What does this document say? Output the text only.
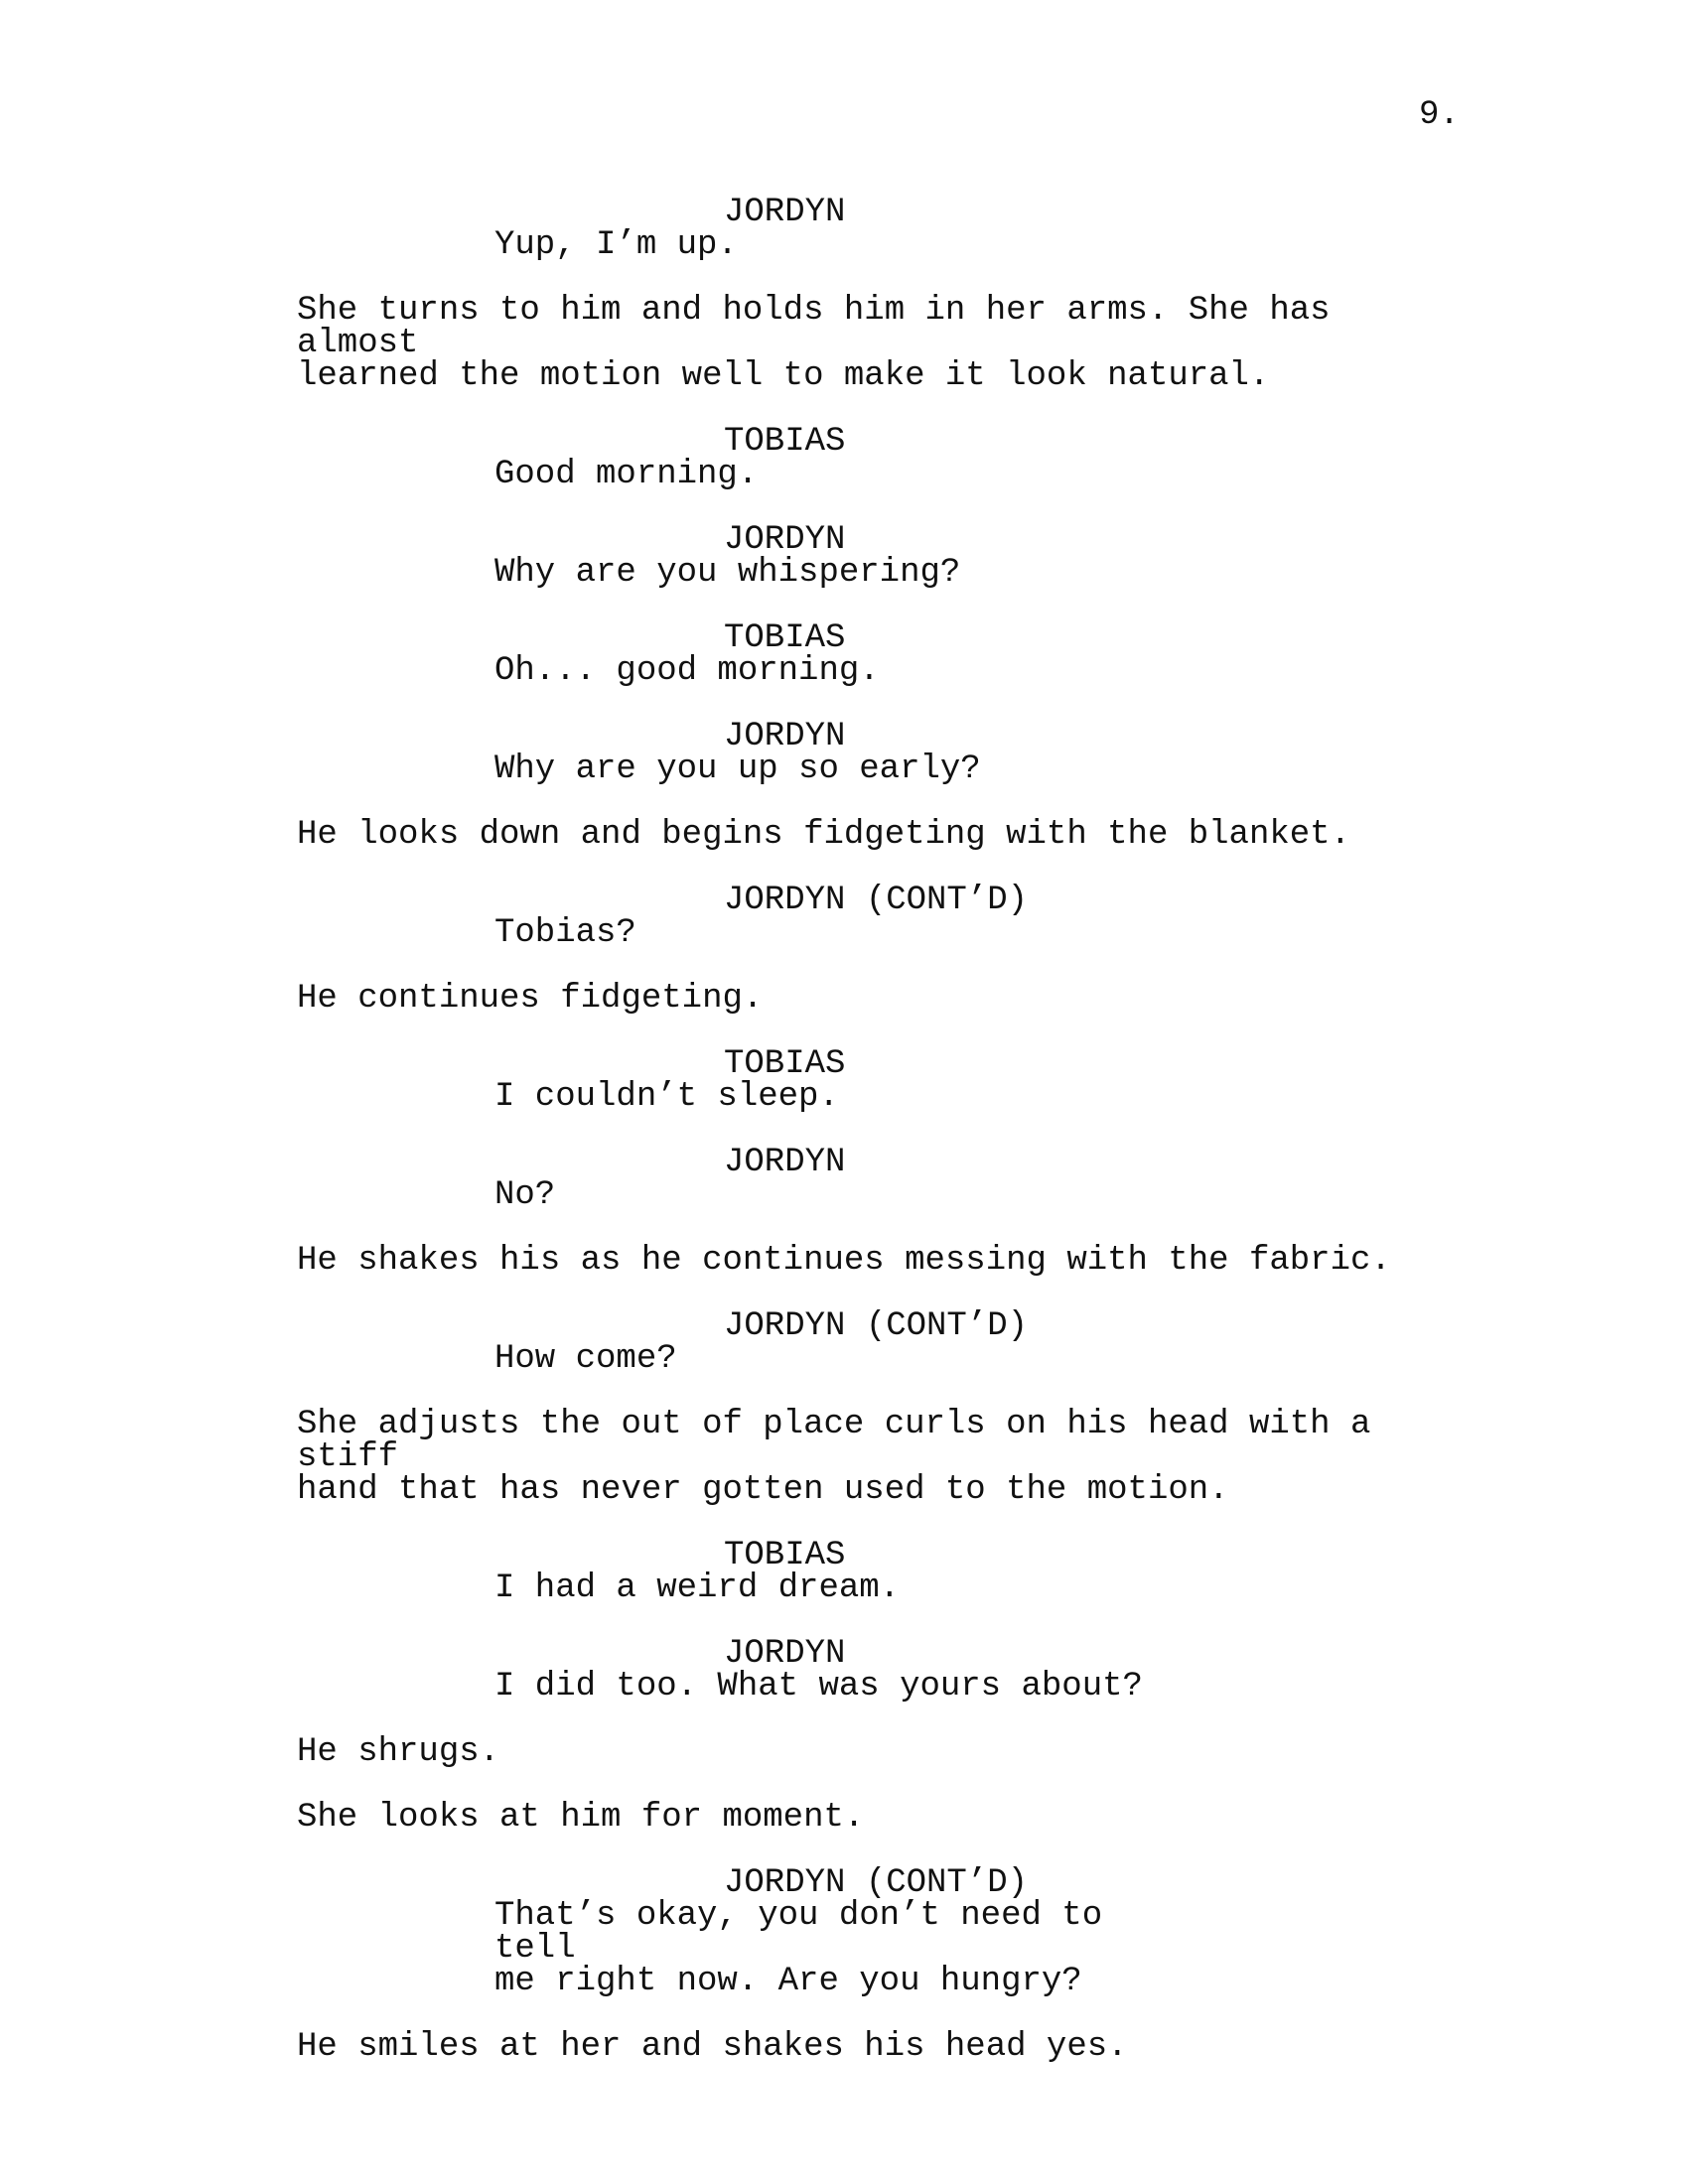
9.
JORDYN
Yup, I’m up.
She turns to him and holds him in her arms. She has almost
learned the motion well to make it look natural.
TOBIAS
Good morning.
JORDYN
Why are you whispering?
TOBIAS
Oh... good morning.
JORDYN
Why are you up so early?
He looks down and begins fidgeting with the blanket.
JORDYN (CONT’D)
Tobias?
He continues fidgeting.
TOBIAS
I couldn’t sleep.
JORDYN
No?
He shakes his as he continues messing with the fabric.
JORDYN (CONT’D)
How come?
She adjusts the out of place curls on his head with a stiff
hand that has never gotten used to the motion.
TOBIAS
I had a weird dream.
JORDYN
I did too. What was yours about?
He shrugs.
She looks at him for moment.
JORDYN (CONT’D)
That’s okay, you don’t need to tell
me right now. Are you hungry?
He smiles at her and shakes his head yes.
